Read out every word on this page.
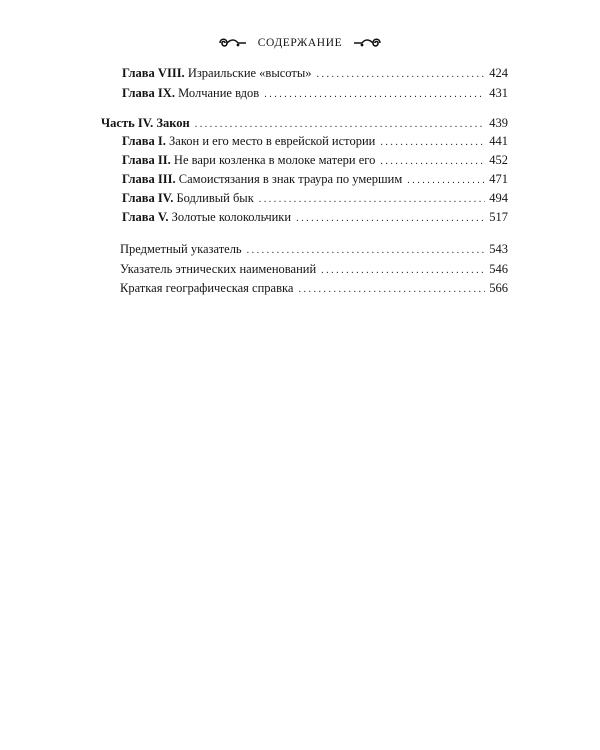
СОДЕРЖАНИЕ
Глава VIII. Израильские «высоты» . . .	424
Глава IX. Молчание вдов . . .	431
Часть IV. Закон . . .	439
Глава I. Закон и его место в еврейской истории . . .	441
Глава II. Не вари козленка в молоке матери его . . .	452
Глава III. Самоистязания в знак траура по умершим . . .	471
Глава IV. Бодливый бык . . .	494
Глава V. Золотые колокольчики . . .	517
Предметный указатель . . .	543
Указатель этнических наименований . . .	546
Краткая географическая справка . . .	566
